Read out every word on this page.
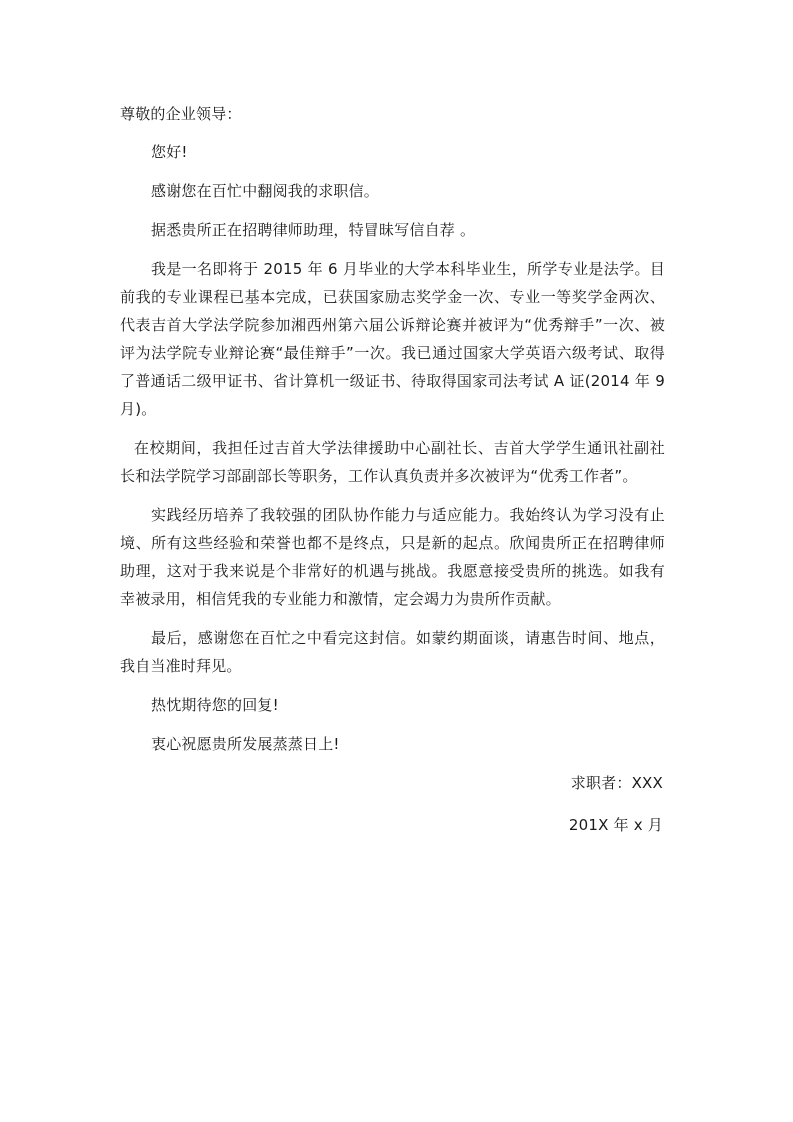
尊敬的企业领导：

您好!

感谢您在百忙中翻阅我的求职信。

据悉贵所正在招聘律师助理，特冒昧写信自荐 。

我是一名即将于 2015 年 6 月毕业的大学本科毕业生，所学专业是法学。目前我的专业课程已基本完成，已获国家励志奖学金一次、专业一等奖学金两次、代表吉首大学法学院参加湘西州第六届公诉辩论赛并被评为“优秀辩手”一次、被评为法学院专业辩论赛“最佳辩手”一次。我已通过国家大学英语六级考试、取得了普通话二级甲证书、省计算机一级证书、待取得国家司法考试 A 证(2014 年 9 月)。

在校期间，我担任过吉首大学法律援助中心副社长、吉首大学学生通讯社副社长和法学院学习部副部长等职务，工作认真负责并多次被评为“优秀工作者”。

实践经历培养了我较强的团队协作能力与适应能力。我始终认为学习没有止境、所有这些经验和荣誉也都不是终点，只是新的起点。欣闻贵所正在招聘律师助理，这对于我来说是个非常好的机遇与挑战。我愿意接受贵所的挑选。如我有幸被录用，相信凭我的专业能力和激情，定会竭力为贵所作贡献。

最后，感谢您在百忙之中看完这封信。如蒙约期面谈，请惠告时间、地点，我自当准时拜见。

热忱期待您的回复!

衷心祝愿贵所发展蒸蒸日上!

求职者：XXX

201X 年 x 月
